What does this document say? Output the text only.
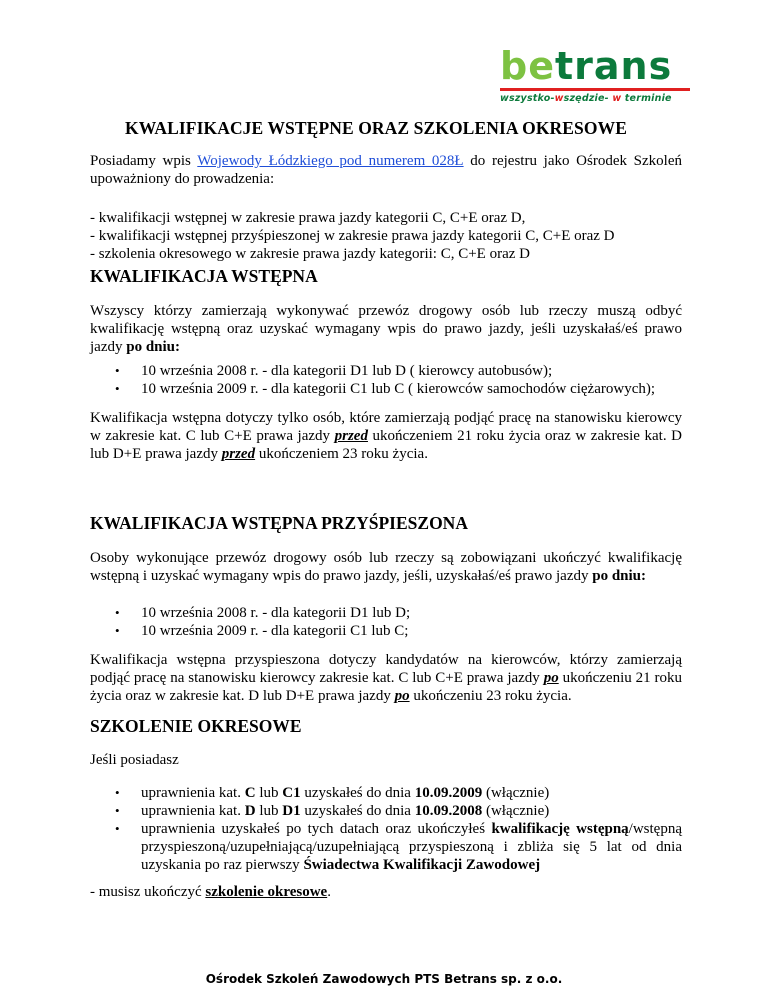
betrans
wszystko-wszędzie- w terminie
KWALIFIKACJE WSTĘPNE ORAZ SZKOLENIA OKRESOWE

Posiadamy wpis Wojewody Łódzkiego pod numerem 028Ł do rejestru jako Ośrodek Szkoleń upoważniony do prowadzenia:

- kwalifikacji wstępnej w zakresie prawa jazdy kategorii C, C+E oraz D,

- kwalifikacji wstępnej przyśpieszonej w zakresie prawa jazdy kategorii C, C+E oraz D

- szkolenia okresowego w zakresie prawa jazdy kategorii: C, C+E oraz D

KWALIFIKACJA WSTĘPNA

Wszyscy którzy zamierzają wykonywać przewóz drogowy osób lub rzeczy muszą odbyć kwalifikację wstępną oraz uzyskać wymagany wpis do prawo jazdy, jeśli uzyskałaś/eś prawo jazdy po dniu:

• 10 września 2008 r. - dla kategorii D1 lub D ( kierowcy autobusów);
• 10 września 2009 r. - dla kategorii C1 lub C ( kierowców samochodów ciężarowych);

Kwalifikacja wstępna dotyczy tylko osób, które zamierzają podjąć pracę na stanowisku kierowcy w zakresie kat. C lub C+E prawa jazdy przed ukończeniem 21 roku życia oraz w zakresie kat. D lub D+E prawa jazdy przed ukończeniem 23 roku życia.

KWALIFIKACJA WSTĘPNA PRZYŚPIESZONA

Osoby wykonujące przewóz drogowy osób lub rzeczy są zobowiązani ukończyć kwalifikację wstępną i uzyskać wymagany wpis do prawo jazdy, jeśli, uzyskałaś/eś prawo jazdy po dniu:

• 10 września 2008 r. - dla kategorii D1 lub D;
• 10 września 2009 r. - dla kategorii C1 lub C;

Kwalifikacja wstępna przyspieszona dotyczy kandydatów na kierowców, którzy zamierzają podjąć pracę na stanowisku kierowcy zakresie kat. C lub C+E prawa jazdy po ukończeniu 21 roku życia oraz w zakresie kat. D lub D+E prawa jazdy po ukończeniu 23 roku życia.

SZKOLENIE OKRESOWE

Jeśli posiadasz

• uprawnienia kat. C lub C1 uzyskałeś do dnia 10.09.2009 (włącznie)
• uprawnienia kat. D lub D1 uzyskałeś do dnia 10.09.2008 (włącznie)
• uprawnienia uzyskałeś po tych datach oraz ukończyłeś kwalifikację wstępną/wstępną przyspieszoną/uzupełniającą/uzupełniającą przyspieszoną i zbliża się 5 lat od dnia uzyskania po raz pierwszy Świadectwa Kwalifikacji Zawodowej

- musisz ukończyć szkolenie okresowe.

Ośrodek Szkoleń Zawodowych PTS Betrans sp. z o.o.
